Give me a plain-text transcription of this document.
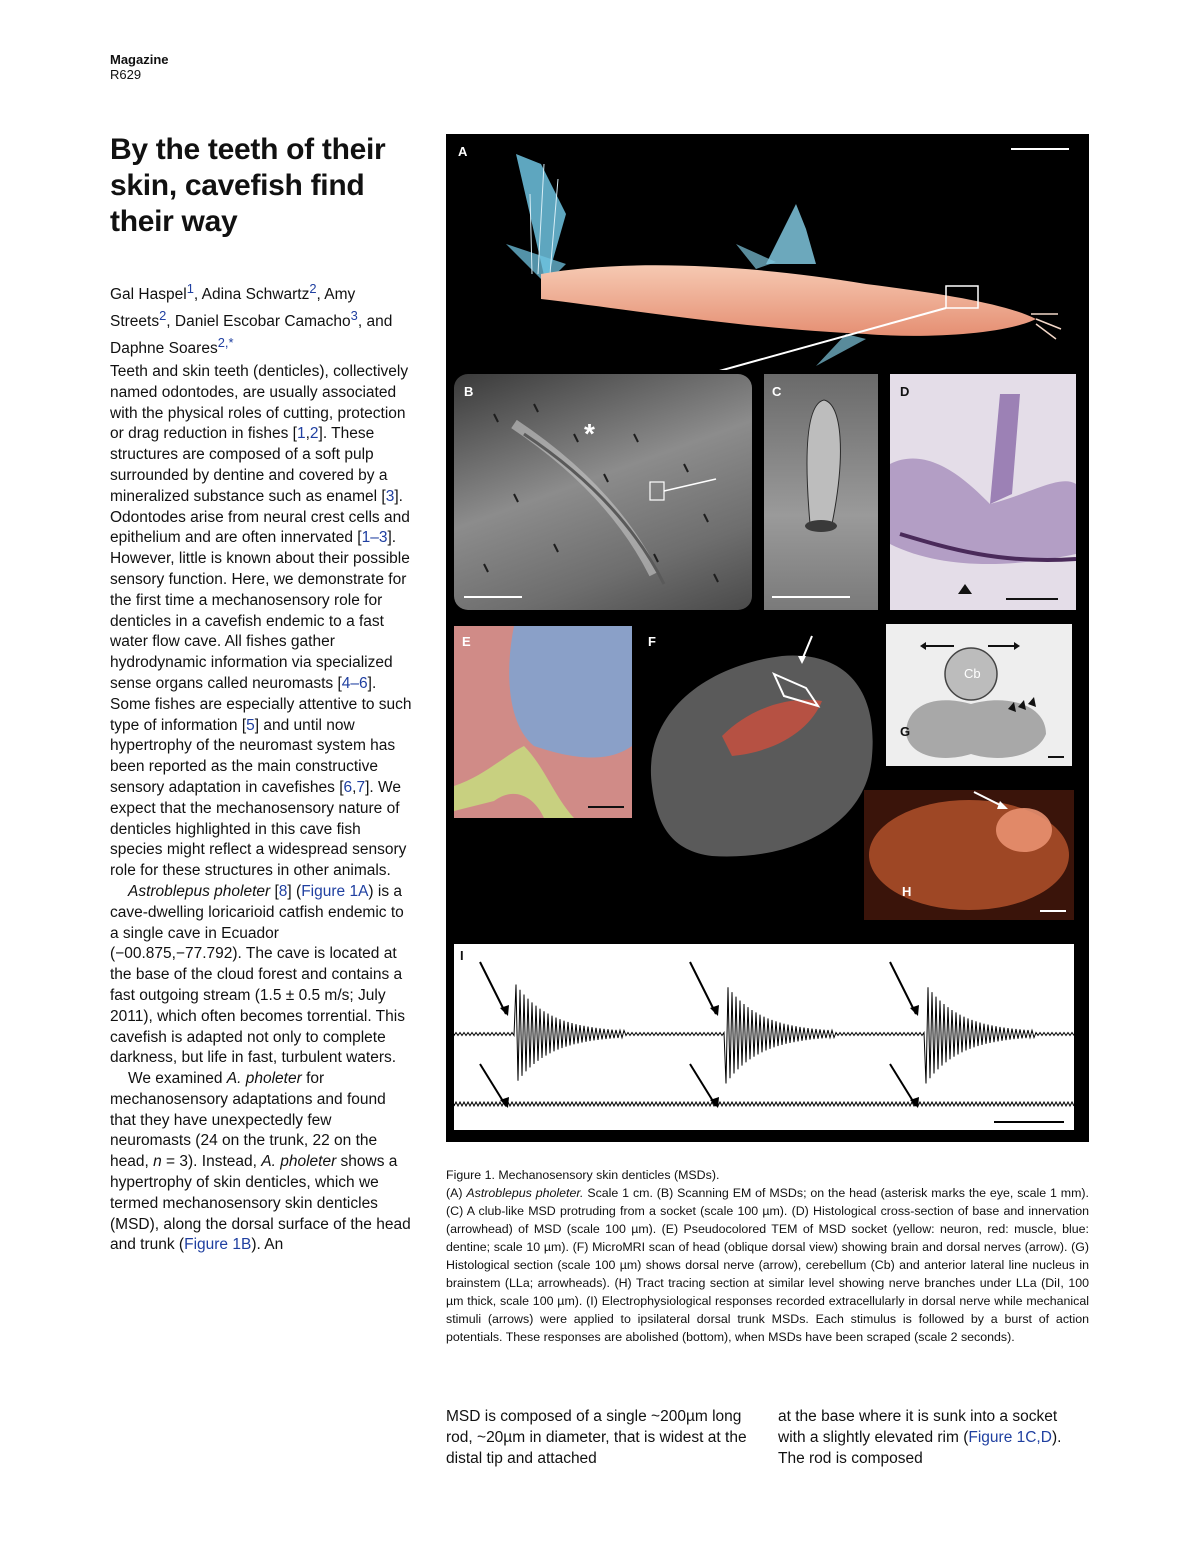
Magazine
R629
By the teeth of their skin, cavefish find their way
Gal Haspel$^1$, Adina Schwartz$^2$, Amy Streets$^2$, Daniel Escobar Camacho$^3$, and Daphne Soares$^{2,*}$

Teeth and skin teeth (denticles), collectively named odontodes, are usually associated with the physical roles of cutting, protection or drag reduction in fishes [1,2]. These structures are composed of a soft pulp surrounded by dentine and covered by a mineralized substance such as enamel [3]. Odontodes arise from neural crest cells and epithelium and are often innervated [1–3]. However, little is known about their possible sensory function. Here, we demonstrate for the first time a mechanosensory role for denticles in a cavefish endemic to a fast water flow cave. All fishes gather hydrodynamic information via specialized sense organs called neuromasts [4–6]. Some fishes are especially attentive to such type of information [5] and until now hypertrophy of the neuromast system has been reported as the main constructive sensory adaptation in cavefishes [6,7]. We expect that the mechanosensory nature of denticles highlighted in this cave fish species might reflect a widespread sensory role for these structures in other animals.

Astroblepus pholeter [8] (Figure 1A) is a cave-dwelling loricarioid catfish endemic to a single cave in Ecuador (−00.875,−77.792). The cave is located at the base of the cloud forest and contains a fast outgoing stream (1.5 ± 0.5 m/s; July 2011), which often becomes torrential. This cavefish is adapted not only to complete darkness, but life in fast, turbulent waters.

We examined A. pholeter for mechanosensory adaptations and found that they have unexpectedly few neuromasts (24 on the trunk, 22 on the head, n = 3). Instead, A. pholeter shows a hypertrophy of skin denticles, which we termed mechanosensory skin denticles (MSD), along the dorsal surface of the head and trunk (Figure 1B). An

A
B
*
C	D
E	F
Cb
G
H
I

Figure 1. Mechanosensory skin denticles (MSDs).

(A) Astroblepus pholeter. Scale 1 cm. (B) Scanning EM of MSDs; on the head (asterisk marks the eye, scale 1 mm). (C) A club-like MSD protruding from a socket (scale 100 µm). (D) Histological cross-section of base and innervation (arrowhead) of MSD (scale 100 µm). (E) Pseudocolored TEM of MSD socket (yellow: neuron, red: muscle, blue: dentine; scale 10 µm). (F) MicroMRI scan of head (oblique dorsal view) showing brain and dorsal nerves (arrow). (G) Histological section (scale 100 µm) shows dorsal nerve (arrow), cerebellum (Cb) and anterior lateral line nucleus in brainstem (LLa; arrowheads). (H) Tract tracing section at similar level showing nerve branches under LLa (DiI, 100 µm thick, scale 100 µm). (I) Electrophysiological responses recorded extracellularly in dorsal nerve while mechanical stimuli (arrows) were applied to ipsilateral dorsal trunk MSDs. Each stimulus is followed by a burst of action potentials. These responses are abolished (bottom), when MSDs have been scraped (scale 2 seconds).

MSD is composed of a single ~200µm long rod, ~20µm in diameter, that is widest at the distal tip and attached

at the base where it is sunk into a socket with a slightly elevated rim (Figure 1C,D). The rod is composed
